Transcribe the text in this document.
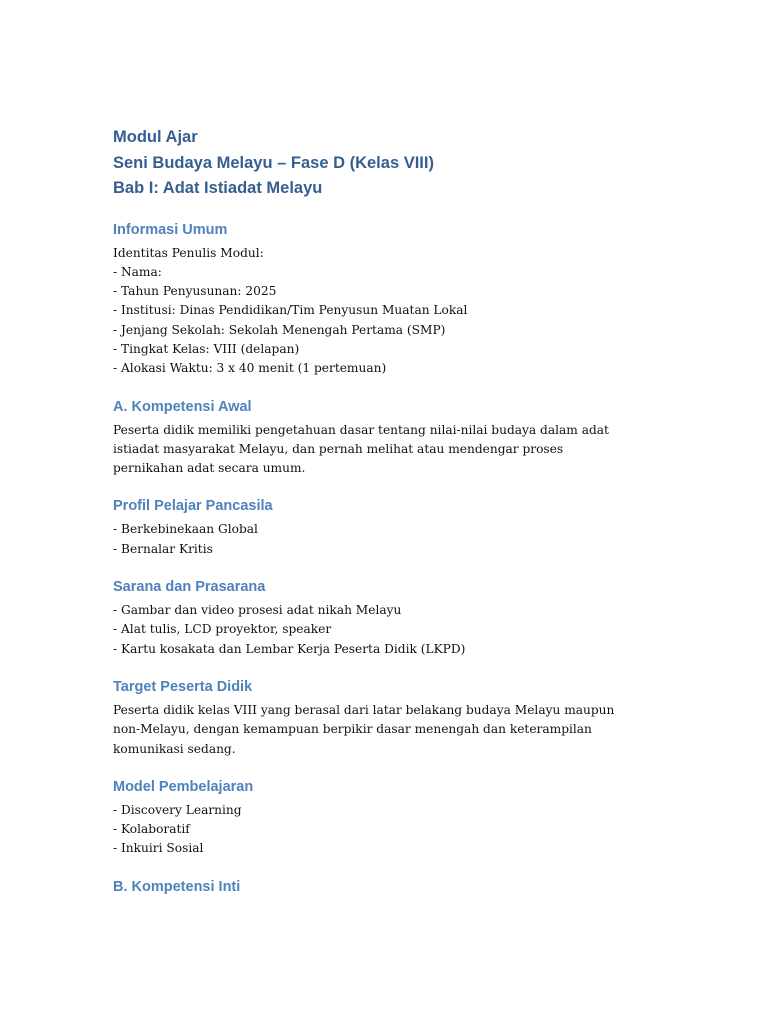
Modul Ajar

Seni Budaya Melayu – Fase D (Kelas VIII)

Bab I: Adat Istiadat Melayu

Informasi Umum

Identitas Penulis Modul:

- Nama:

- Tahun Penyusunan: 2025

- Institusi: Dinas Pendidikan/Tim Penyusun Muatan Lokal

- Jenjang Sekolah: Sekolah Menengah Pertama (SMP)

- Tingkat Kelas: VIII (delapan)

- Alokasi Waktu: 3 x 40 menit (1 pertemuan)

A. Kompetensi Awal

Peserta didik memiliki pengetahuan dasar tentang nilai-nilai budaya dalam adat istiadat masyarakat Melayu, dan pernah melihat atau mendengar proses pernikahan adat secara umum.

Profil Pelajar Pancasila

- Berkebinekaan Global

- Bernalar Kritis

Sarana dan Prasarana

- Gambar dan video prosesi adat nikah Melayu

- Alat tulis, LCD proyektor, speaker

- Kartu kosakata dan Lembar Kerja Peserta Didik (LKPD)

Target Peserta Didik

Peserta didik kelas VIII yang berasal dari latar belakang budaya Melayu maupun non-Melayu, dengan kemampuan berpikir dasar menengah dan keterampilan komunikasi sedang.

Model Pembelajaran

- Discovery Learning

- Kolaboratif

- Inkuiri Sosial

B. Kompetensi Inti
